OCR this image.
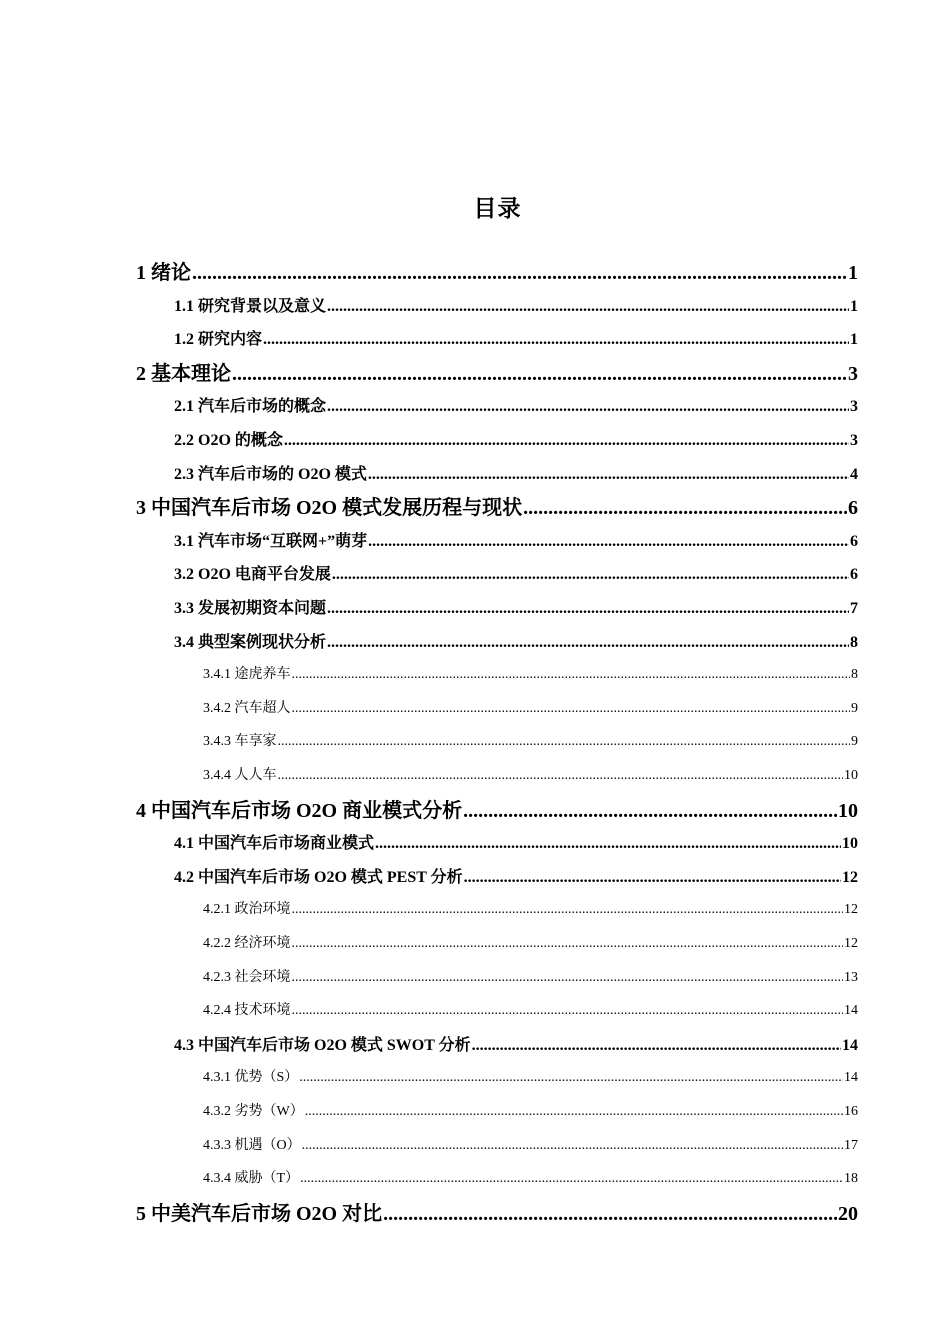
目录
1 绪论 .....	1
1.1 研究背景以及意义 .....	1
1.2 研究内容 .....	1
2 基本理论 .....	3
2.1 汽车后市场的概念 .....	3
2.2 O2O 的概念 .....	3
2.3 汽车后市场的 O2O 模式 .....	4
3 中国汽车后市场 O2O 模式发展历程与现状 .....	6
3.1 汽车市场“互联网+”萌芽 .....	6
3.2 O2O 电商平台发展 .....	6
3.3 发展初期资本问题 .....	7
3.4 典型案例现状分析 .....	8
3.4.1 途虎养车 .....	8
3.4.2 汽车超人 .....	9
3.4.3 车享家 .....	9
3.4.4 人人车 .....	10
4 中国汽车后市场 O2O 商业模式分析 .....	10
4.1 中国汽车后市场商业模式 .....	10
4.2 中国汽车后市场 O2O 模式 PEST 分析 .....	12
4.2.1 政治环境 .....	12
4.2.2 经济环境 .....	12
4.2.3 社会环境 .....	13
4.2.4 技术环境 .....	14
4.3 中国汽车后市场 O2O 模式 SWOT 分析 .....	14
4.3.1 优势（S） .....	14
4.3.2 劣势（W） .....	16
4.3.3 机遇（O） .....	17
4.3.4 威胁（T） .....	18
5 中美汽车后市场 O2O 对比 .....	20
